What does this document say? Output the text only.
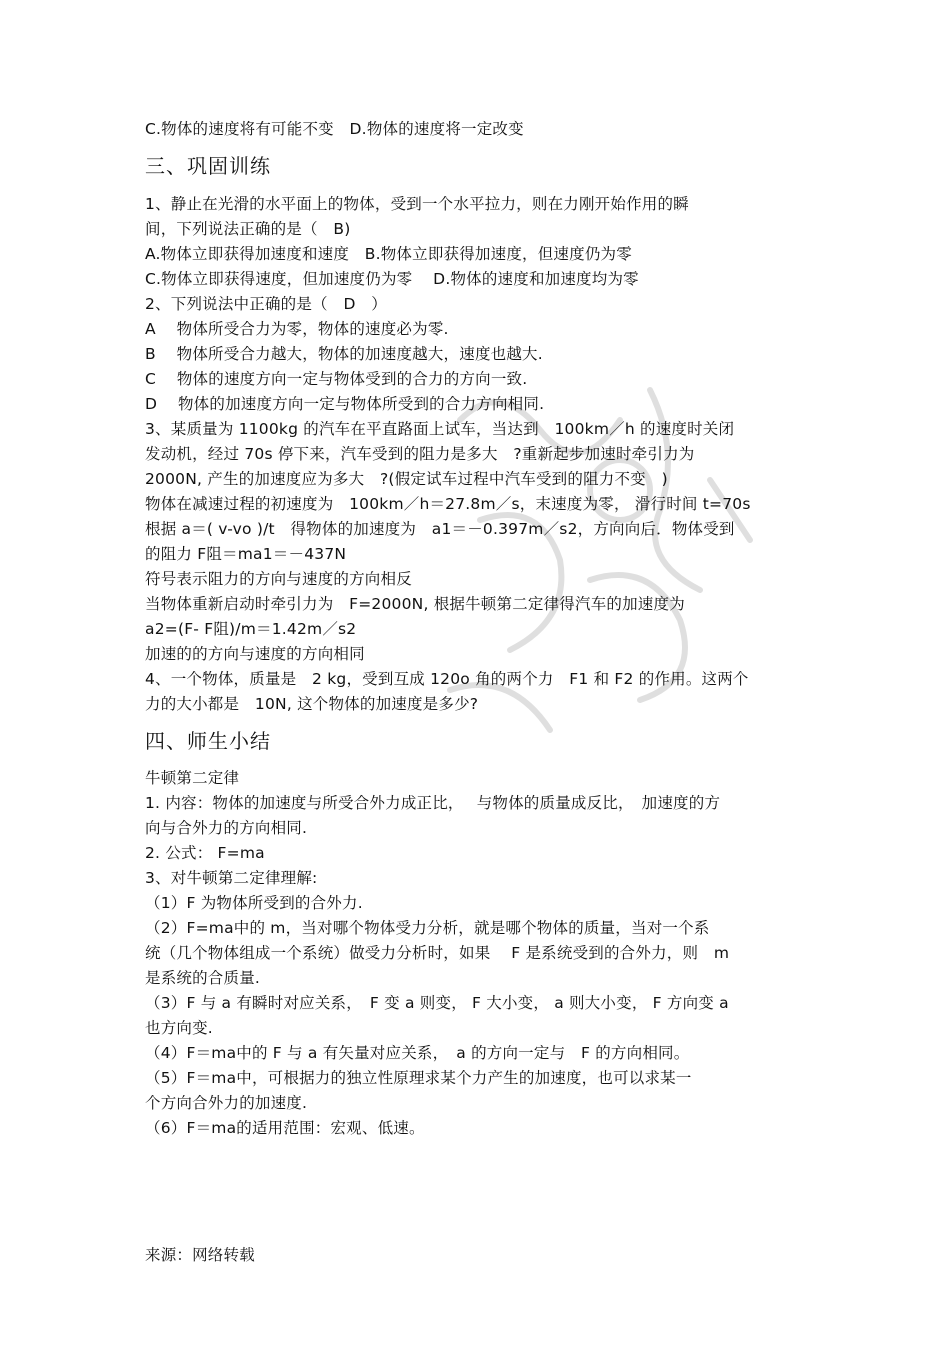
C.物体的速度将有可能不变　D.物体的速度将一定改变
三、巩固训练
1、静止在光滑的水平面上的物体，受到一个水平拉力，则在力刚开始作用的瞬
间，下列说法正确的是（　B)
A.物体立即获得加速度和速度　B.物体立即获得加速度，但速度仍为零
C.物体立即获得速度，但加速度仍为零　 D.物体的速度和加速度均为零
2、下列说法中正确的是（　D　）
A　 物体所受合力为零，物体的速度必为零.
B　 物体所受合力越大，物体的加速度越大，速度也越大.
C　 物体的速度方向一定与物体受到的合力的方向一致.
D　 物体的加速度方向一定与物体所受到的合力方向相同.
3、某质量为 1100kg 的汽车在平直路面上试车，当达到　100km／h 的速度时关闭
发动机，经过 70s 停下来，汽车受到的阻力是多大　?重新起步加速时牵引力为
2000N, 产生的加速度应为多大　?(假定试车过程中汽车受到的阻力不变　)
物体在减速过程的初速度为　100km／h＝27.8m／s，末速度为零， 滑行时间 t=70s
根据 a＝( v-vo )/t　得物体的加速度为　a1＝－0.397m／s2，方向向后．物体受到
的阻力 F阻＝ma1＝－437N
符号表示阻力的方向与速度的方向相反
当物体重新启动时牵引力为　F=2000N, 根据牛顿第二定律得汽车的加速度为
a2=(F- F阻)/m＝1.42m／s2
加速的的方向与速度的方向相同
4、一个物体，质量是　2 kg，受到互成 120o 角的两个力　F1 和 F2 的作用。这两个
力的大小都是　10N, 这个物体的加速度是多少?
四、师生小结
牛顿第二定律
1. 内容：物体的加速度与所受合外力成正比，　 与物体的质量成反比，　加速度的方
向与合外力的方向相同.
2. 公式： F=ma
3、对牛顿第二定律理解:
（1）F 为物体所受到的合外力.
（2）F=ma中的 m，当对哪个物体受力分析，就是哪个物体的质量，当对一个系
统（几个物体组成一个系统）做受力分析时，如果　 F 是系统受到的合外力，则　m
是系统的合质量.
（3）F 与 a 有瞬时对应关系，　F 变 a 则变， F 大小变， a 则大小变， F 方向变 a
也方向变.
（4）F＝ma中的 F 与 a 有矢量对应关系，　a 的方向一定与　F 的方向相同。
（5）F＝ma中，可根据力的独立性原理求某个力产生的加速度，也可以求某一
个方向合外力的加速度.
（6）F＝ma的适用范围：宏观、低速。
来源：网络转载
